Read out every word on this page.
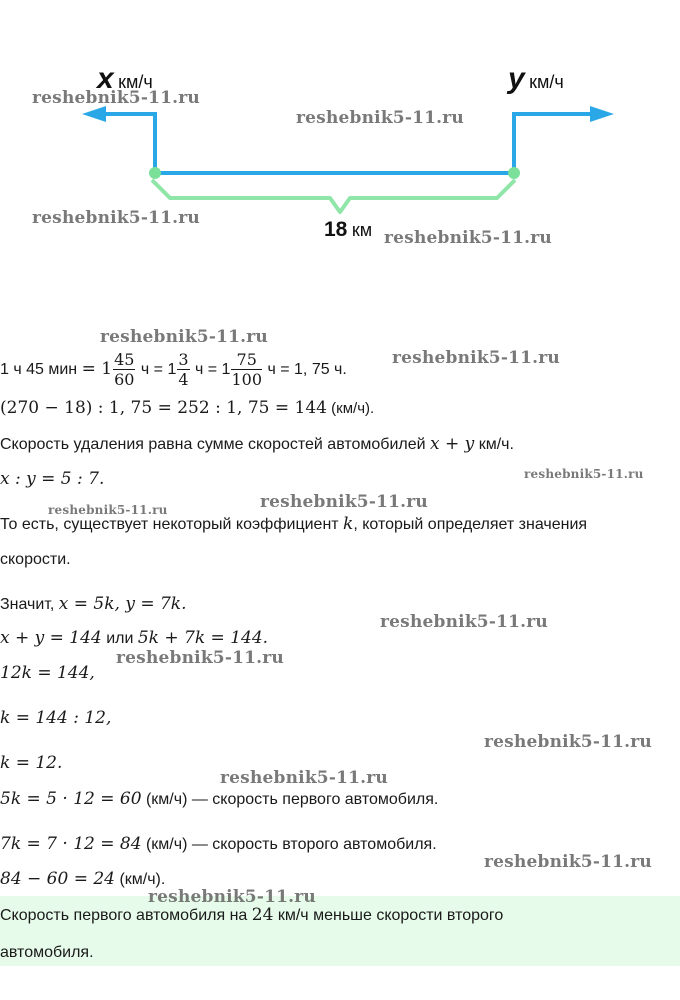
x км/ч	y км/ч
18 км
1 ч 45 мин = $1 \frac{45}{60}$ $ч = 1 \frac{3}{4}$ $ч = 1 \frac{75}{100}$ ч = 1, 75 ч.
(270 − 18) : 1, 75 = 252 : 1, 75 = 144 (км/ч).
Скорость удаления равна сумме скоростей автомобилей x + y км/ч.
x : y = 5 : 7.
То есть, существует некоторый коэффициент k, который определяет значения
скорости.
Значит, x = 5k, y = 7k.
x + y = 144 или 5k + 7k = 144.
12k = 144,
k = 144 : 12,
k = 12.
5k = 5 · 12 = 60 (км/ч) — скорость первого автомобиля.
7k = 7 · 12 = 84 (км/ч) — скорость второго автомобиля.
84 − 60 = 24 (км/ч).
Скорость первого автомобиля на 24 км/ч меньше скорости второго
автомобиля.
reshebnik5-11.ru
reshebnik5-11.ru
reshebnik5-11.ru
reshebnik5-11.ru
reshebnik5-11.ru
reshebnik5-11.ru
reshebnik5-11.ru
reshebnik5-11.ru
reshebnik5-11.ru
reshebnik5-11.ru
reshebnik5-11.ru
reshebnik5-11.ru
reshebnik5-11.ru
reshebnik5-11.ru
reshebnik5-11.ru
